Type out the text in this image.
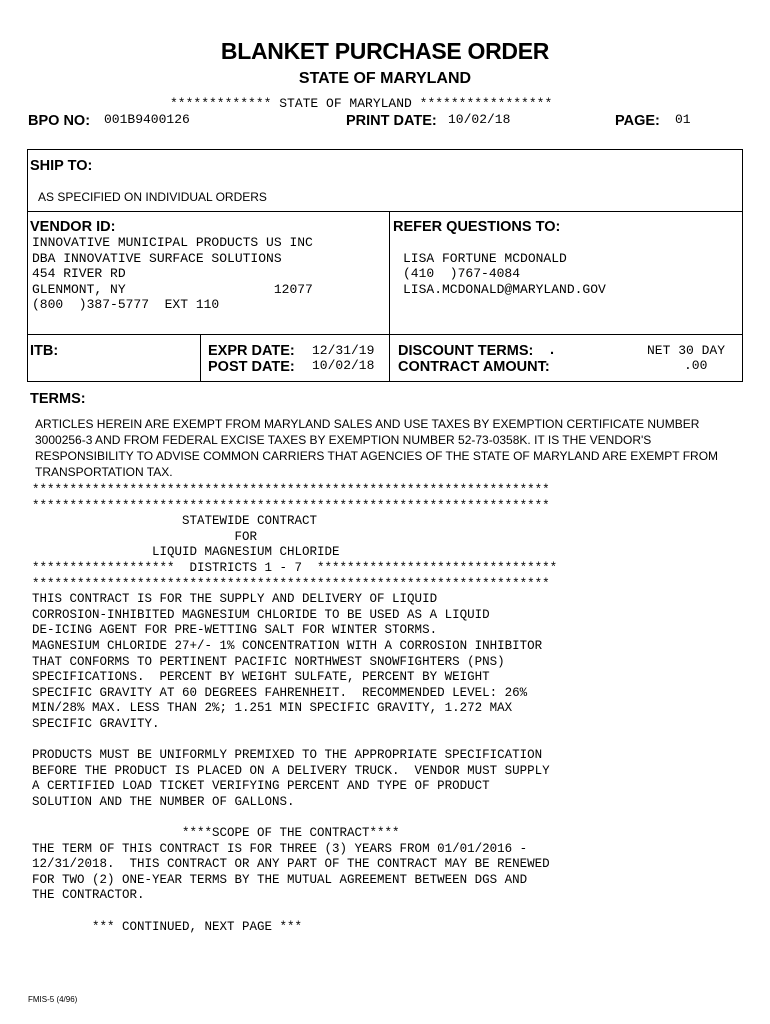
BLANKET PURCHASE ORDER
STATE OF MARYLAND
************* STATE OF MARYLAND *****************
BPO NO: 001B9400126	PRINT DATE: 10/02/18	PAGE: 01
SHIP TO:
AS SPECIFIED ON INDIVIDUAL ORDERS
VENDOR ID:
INNOVATIVE MUNICIPAL PRODUCTS US INC
DBA INNOVATIVE SURFACE SOLUTIONS
454 RIVER RD
GLENMONT, NY                   12077
(800  )387-5777  EXT 110
REFER QUESTIONS TO:
LISA FORTUNE MCDONALD
(410  )767-4084
LISA.MCDONALD@MARYLAND.GOV
ITB:	EXPR DATE: 12/31/19
POST DATE: 10/02/18
DISCOUNT TERMS: .	NET 30 DAY
CONTRACT AMOUNT:	.00
TERMS:
ARTICLES HEREIN ARE EXEMPT FROM MARYLAND SALES AND USE TAXES BY EXEMPTION CERTIFICATE NUMBER 3000256-3 AND FROM FEDERAL EXCISE TAXES BY EXEMPTION NUMBER 52-73-0358K. IT IS THE VENDOR'S RESPONSIBILITY TO ADVISE COMMON CARRIERS THAT AGENCIES OF THE STATE OF MARYLAND ARE EXEMPT FROM TRANSPORTATION TAX.
*********************************************************************
*********************************************************************
STATEWIDE CONTRACT
FOR
LIQUID MAGNESIUM CHLORIDE
*******************  DISTRICTS 1 - 7  ********************************
*********************************************************************
THIS CONTRACT IS FOR THE SUPPLY AND DELIVERY OF LIQUID
CORROSION-INHIBITED MAGNESIUM CHLORIDE TO BE USED AS A LIQUID
DE-ICING AGENT FOR PRE-WETTING SALT FOR WINTER STORMS.
MAGNESIUM CHLORIDE 27+/- 1% CONCENTRATION WITH A CORROSION INHIBITOR
THAT CONFORMS TO PERTINENT PACIFIC NORTHWEST SNOWFIGHTERS (PNS)
SPECIFICATIONS.  PERCENT BY WEIGHT SULFATE, PERCENT BY WEIGHT
SPECIFIC GRAVITY AT 60 DEGREES FAHRENHEIT.  RECOMMENDED LEVEL: 26%
MIN/28% MAX. LESS THAN 2%; 1.251 MIN SPECIFIC GRAVITY, 1.272 MAX
SPECIFIC GRAVITY.
PRODUCTS MUST BE UNIFORMLY PREMIXED TO THE APPROPRIATE SPECIFICATION
BEFORE THE PRODUCT IS PLACED ON A DELIVERY TRUCK.  VENDOR MUST SUPPLY
A CERTIFIED LOAD TICKET VERIFYING PERCENT AND TYPE OF PRODUCT
SOLUTION AND THE NUMBER OF GALLONS.
****SCOPE OF THE CONTRACT****
THE TERM OF THIS CONTRACT IS FOR THREE (3) YEARS FROM 01/01/2016 -
12/31/2018.  THIS CONTRACT OR ANY PART OF THE CONTRACT MAY BE RENEWED
FOR TWO (2) ONE-YEAR TERMS BY THE MUTUAL AGREEMENT BETWEEN DGS AND
THE CONTRACTOR.
*** CONTINUED, NEXT PAGE ***
FMIS-5 (4/96)
